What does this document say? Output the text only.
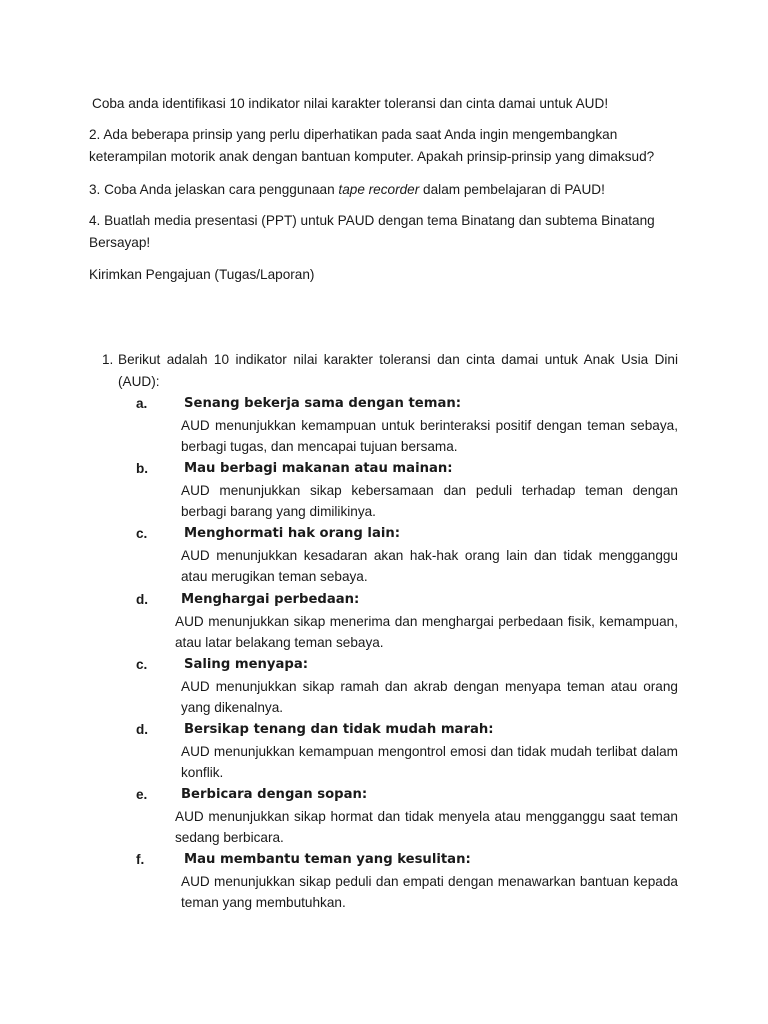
Coba anda identifikasi 10 indikator nilai karakter toleransi dan cinta damai untuk AUD!

2. Ada beberapa prinsip yang perlu diperhatikan pada saat Anda ingin mengembangkan keterampilan motorik anak dengan bantuan komputer. Apakah prinsip-prinsip yang dimaksud?

3. Coba Anda jelaskan cara penggunaan tape recorder dalam pembelajaran di PAUD!

4. Buatlah media presentasi (PPT) untuk PAUD dengan tema Binatang dan subtema Binatang Bersayap!

Kirimkan Pengajuan (Tugas/Laporan)

1. Berikut adalah 10 indikator nilai karakter toleransi dan cinta damai untuk Anak Usia Dini (AUD):

a.	Senang bekerja sama dengan teman:

AUD menunjukkan kemampuan untuk berinteraksi positif dengan teman sebaya, berbagi tugas, dan mencapai tujuan bersama.

b.	Mau berbagi makanan atau mainan:

AUD menunjukkan sikap kebersamaan dan peduli terhadap teman dengan berbagi barang yang dimilikinya.

c.	Menghormati hak orang lain:

AUD menunjukkan kesadaran akan hak-hak orang lain dan tidak mengganggu atau merugikan teman sebaya.

d. Menghargai perbedaan:

AUD menunjukkan sikap menerima dan menghargai perbedaan fisik, kemampuan, atau latar belakang teman sebaya.

c.	Saling menyapa:

AUD menunjukkan sikap ramah dan akrab dengan menyapa teman atau orang yang dikenalnya.

d.	Bersikap tenang dan tidak mudah marah:

AUD menunjukkan kemampuan mengontrol emosi dan tidak mudah terlibat dalam konflik.

e.	Berbicara dengan sopan:

AUD menunjukkan sikap hormat dan tidak menyela atau mengganggu saat teman sedang berbicara.

f.	Mau membantu teman yang kesulitan:

AUD menunjukkan sikap peduli dan empati dengan menawarkan bantuan kepada teman yang membutuhkan.
